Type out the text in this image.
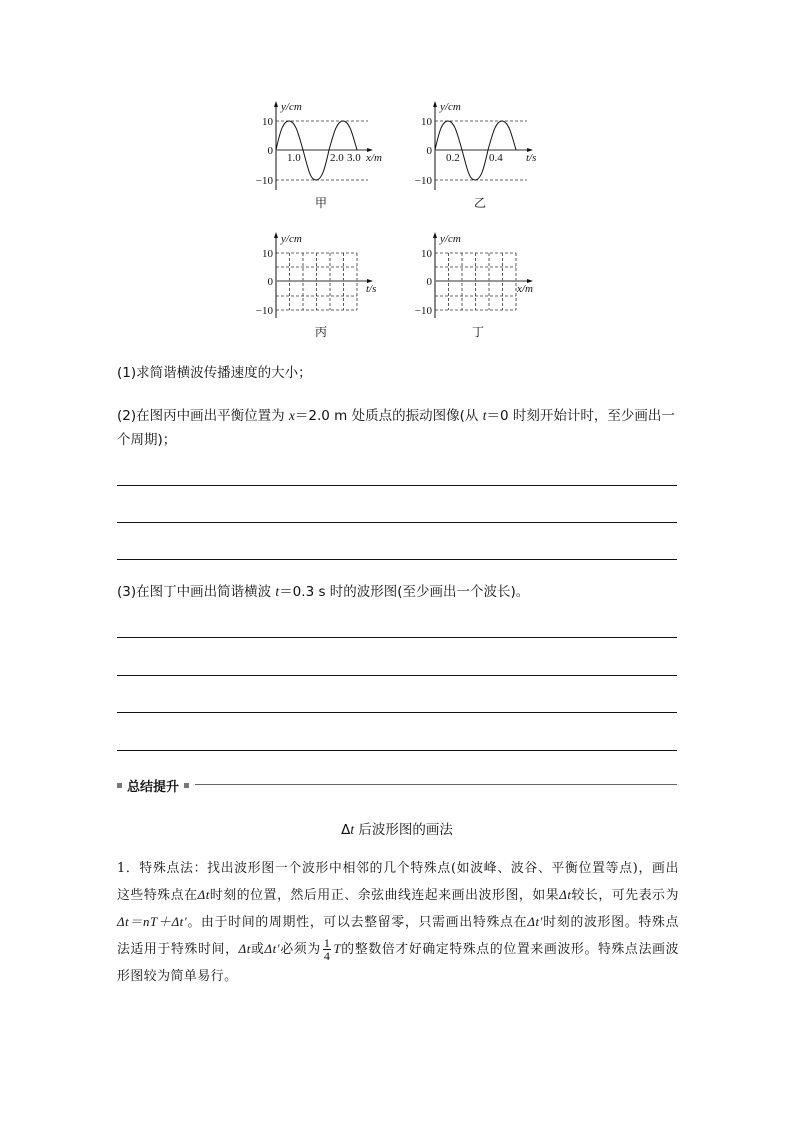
y/cm
10
0
−10
1.0	2.0 3.0 x/m
甲
y/cm
10
0
−10
0.2	0.4 t/s
乙
y/cm
10
0
−10
t/s
丙
y/cm
10
0
−10
x/m
丁
(1)求简谐横波传播速度的大小；
(2)在图丙中画出平衡位置为 x＝2.0 m 处质点的振动图像(从 t＝0 时刻开始计时，至少画出一个周期)；
(3)在图丁中画出简谐横波 t＝0.3 s 时的波形图(至少画出一个波长)。
总结提升
Δt 后波形图的画法
1．特殊点法：找出波形图一个波形中相邻的几个特殊点(如波峰、波谷、平衡位置等点)，画出这些特殊点在Δt时刻的位置，然后用正、余弦曲线连起来画出波形图，如果Δt较长，可先表示为Δt＝nT＋Δt′。由于时间的周期性，可以去整留零，只需画出特殊点在Δt′时刻的波形图。特殊点法适用于特殊时间，Δt或Δt′必须为 $\frac{1}{4}$ T的整数倍才好确定特殊点的位置来画波形。特殊点法画波形图较为简单易行。
